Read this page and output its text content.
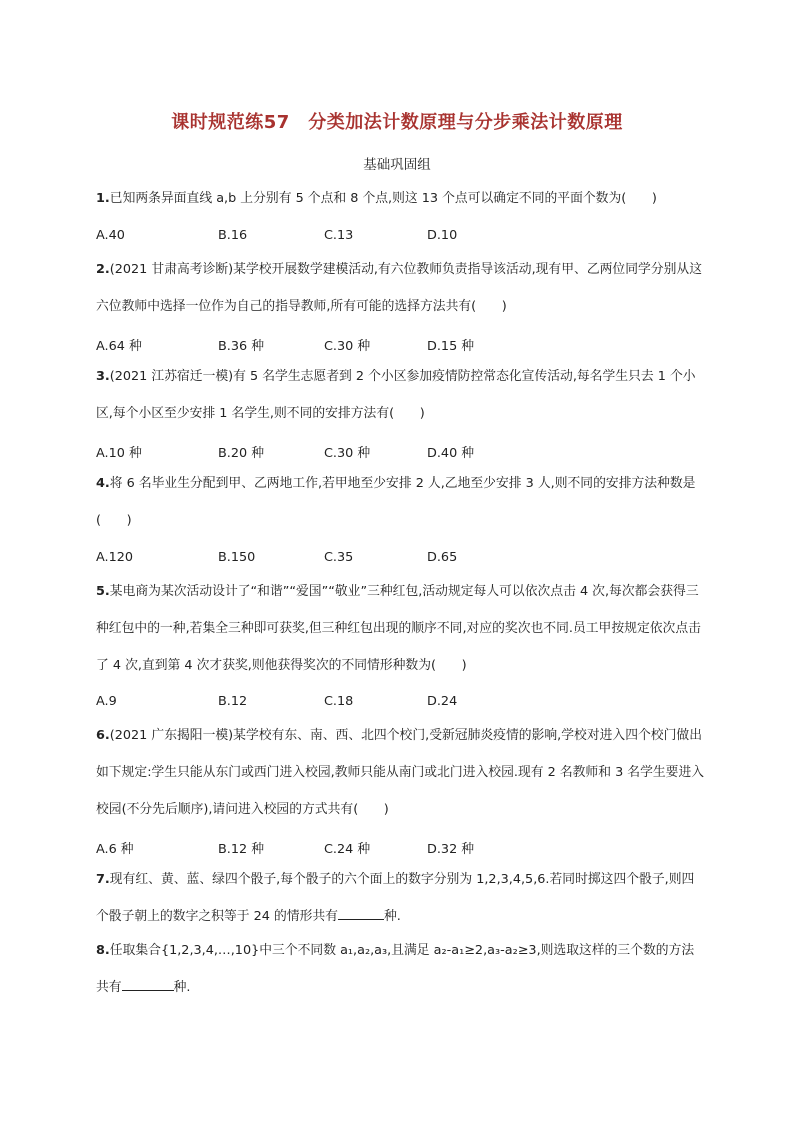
课时规范练57　分类加法计数原理与分步乘法计数原理
基础巩固组
1.已知两条异面直线 a,b 上分别有 5 个点和 8 个点,则这 13 个点可以确定不同的平面个数为(　　)
A.40	B.16	C.13	D.10
2.(2021 甘肃高考诊断)某学校开展数学建模活动,有六位教师负责指导该活动,现有甲、乙两位同学分别从这六位教师中选择一位作为自己的指导教师,所有可能的选择方法共有(　　)
A.64 种	B.36 种	C.30 种	D.15 种
3.(2021 江苏宿迁一模)有 5 名学生志愿者到 2 个小区参加疫情防控常态化宣传活动,每名学生只去 1 个小区,每个小区至少安排 1 名学生,则不同的安排方法有(　　)
A.10 种	B.20 种	C.30 种	D.40 种
4.将 6 名毕业生分配到甲、乙两地工作,若甲地至少安排 2 人,乙地至少安排 3 人,则不同的安排方法种数是(　　)
A.120	B.150	C.35	D.65
5.某电商为某次活动设计了“和谐”“爱国”“敬业”三种红包,活动规定每人可以依次点击 4 次,每次都会获得三种红包中的一种,若集全三种即可获奖,但三种红包出现的顺序不同,对应的奖次也不同.员工甲按规定依次点击了 4 次,直到第 4 次才获奖,则他获得奖次的不同情形种数为(　　)
A.9	B.12	C.18	D.24
6.(2021 广东揭阳一模)某学校有东、南、西、北四个校门,受新冠肺炎疫情的影响,学校对进入四个校门做出如下规定:学生只能从东门或西门进入校园,教师只能从南门或北门进入校园.现有 2 名教师和 3 名学生要进入校园(不分先后顺序),请问进入校园的方式共有(　　)
A.6 种	B.12 种	C.24 种	D.32 种
7.现有红、黄、蓝、绿四个骰子,每个骰子的六个面上的数字分别为 1,2,3,4,5,6.若同时掷这四个骰子,则四个骰子朝上的数字之积等于 24 的情形共有	种.
8.任取集合{1,2,3,4,…,10}中三个不同数 a₁,a₂,a₃,且满足 a₂-a₁≥2,a₃-a₂≥3,则选取这样的三个数的方法共有	种.
